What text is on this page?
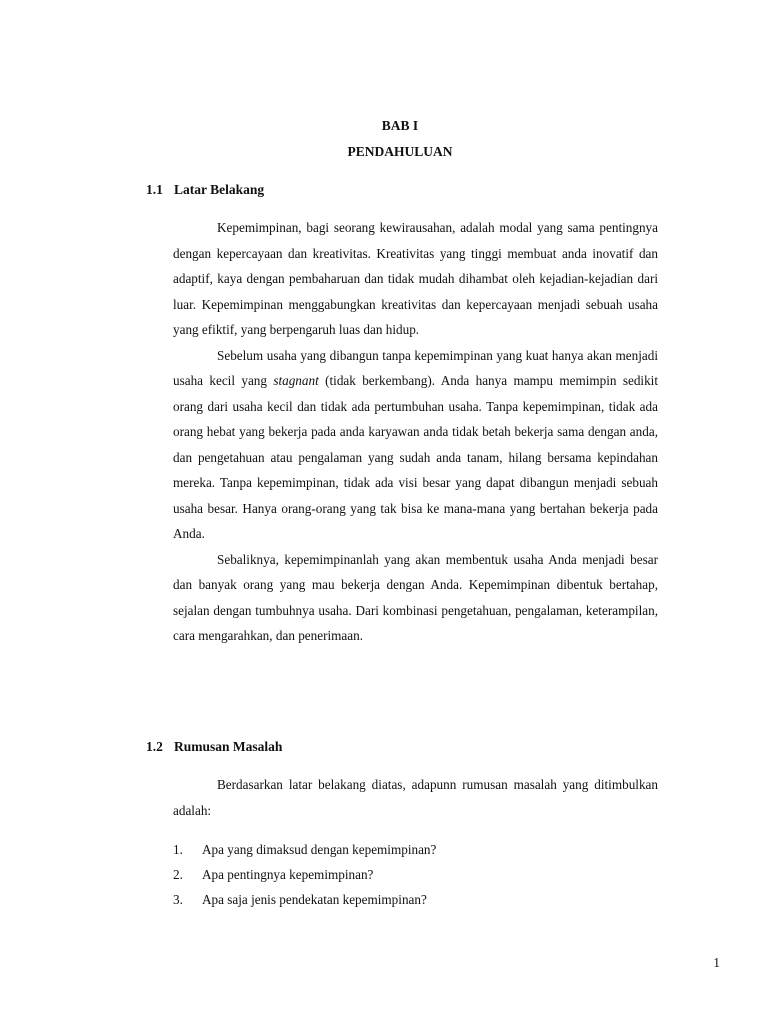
BAB I
PENDAHULUAN
1.1 Latar Belakang

Kepemimpinan, bagi seorang kewirausahan, adalah modal yang sama pentingnya dengan kepercayaan dan kreativitas. Kreativitas yang tinggi membuat anda inovatif dan adaptif, kaya dengan pembaharuan dan tidak mudah dihambat oleh kejadian-kejadian dari luar. Kepemimpinan menggabungkan kreativitas dan kepercayaan menjadi sebuah usaha yang efiktif, yang berpengaruh luas dan hidup.

Sebelum usaha yang dibangun tanpa kepemimpinan yang kuat hanya akan menjadi usaha kecil yang stagnant (tidak berkembang). Anda hanya mampu memimpin sedikit orang dari usaha kecil dan tidak ada pertumbuhan usaha. Tanpa kepemimpinan, tidak ada orang hebat yang bekerja pada anda karyawan anda tidak betah bekerja sama dengan anda, dan pengetahuan atau pengalaman yang sudah anda tanam, hilang bersama kepindahan mereka. Tanpa kepemimpinan, tidak ada visi besar yang dapat dibangun menjadi sebuah usaha besar. Hanya orang-orang yang tak bisa ke mana-mana yang bertahan bekerja pada Anda.

Sebaliknya, kepemimpinanlah yang akan membentuk usaha Anda menjadi besar dan banyak orang yang mau bekerja dengan Anda. Kepemimpinan dibentuk bertahap, sejalan dengan tumbuhnya usaha. Dari kombinasi pengetahuan, pengalaman, keterampilan, cara mengarahkan, dan penerimaan.

1.2 Rumusan Masalah

Berdasarkan latar belakang diatas, adapunn rumusan masalah yang ditimbulkan adalah:

1.	Apa yang dimaksud dengan kepemimpinan?
2.	Apa pentingnya kepemimpinan?
3.	Apa saja jenis pendekatan kepemimpinan?
1
